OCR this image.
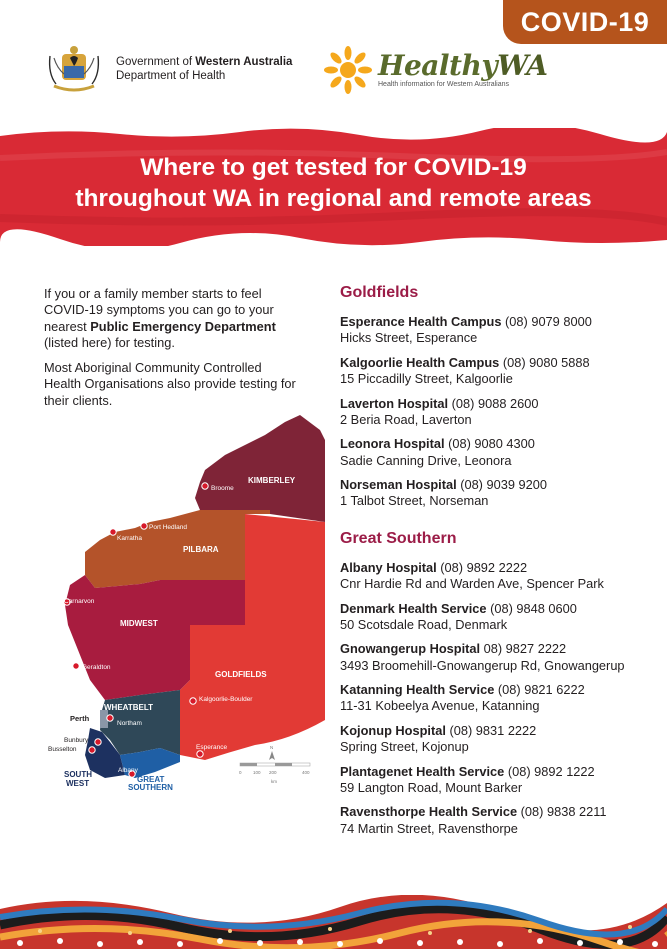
COVID-19
Government of Western Australia
Department of Health	HealthyWA
Health information for Western Australians
Where to get tested for COVID-19
throughout WA in regional and remote areas

If you or a family member starts to feel COVID-19 symptoms you can go to your nearest Public Emergency Department (listed here) for testing.

Most Aboriginal Community Controlled Health Organisations also provide testing for their clients.

KIMBERLEY
PILBARA
MIDWEST
GOLDFIELDS
WHEATBELT
SOUTH
WEST	GREAT
SOUTHERN
Broome
Port Hedland
Karratha
Carnarvon
Geraldton
Kalgoorlie-Boulder
Northam
Albany
Esperance
Perth
Bunbury
Busselton
0	100 200	400
km
N
Goldfields
Esperance Health Campus (08) 9079 8000
Hicks Street, Esperance
Kalgoorlie Health Campus (08) 9080 5888
15 Piccadilly Street, Kalgoorlie
Laverton Hospital (08) 9088 2600
2 Beria Road, Laverton
Leonora Hospital (08) 9080 4300
Sadie Canning Drive, Leonora
Norseman Hospital (08) 9039 9200
1 Talbot Street, Norseman
Great Southern
Albany Hospital (08) 9892 2222
Cnr Hardie Rd and Warden Ave, Spencer Park
Denmark Health Service (08) 9848 0600
50 Scotsdale Road, Denmark
Gnowangerup Hospital 08) 9827 2222
3493 Broomehill-Gnowangerup Rd, Gnowangerup
Katanning Health Service (08) 9821 6222
11-31 Kobeelya Avenue, Katanning
Kojonup Hospital (08) 9831 2222
Spring Street, Kojonup
Plantagenet Health Service (08) 9892 1222
59 Langton Road, Mount Barker
Ravensthorpe Health Service (08) 9838 2211
74 Martin Street, Ravensthorpe
